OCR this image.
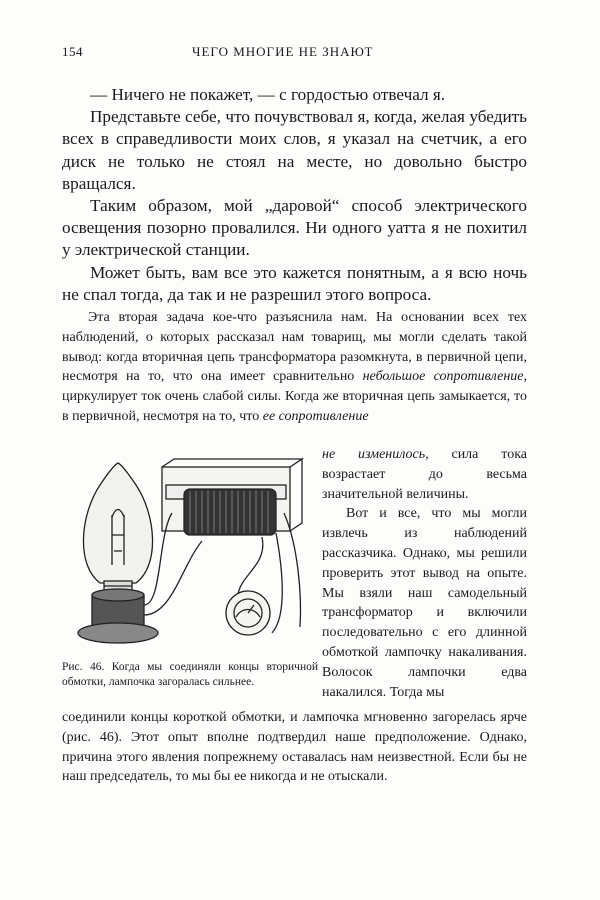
154	ЧЕГО МНОГИЕ НЕ ЗНАЮТ

— Ничего не покажет, — с гордостью отвечал я.

Представьте себе, что почувствовал я, когда, желая убедить всех в справедливости моих слов, я указал на счетчик, а его диск не только не стоял на месте, но довольно быстро вращался.

Таким образом, мой „даровой“ способ электрического освещения позорно провалился. Ни одного уатта я не похитил у электрической станции.

Может быть, вам все это кажется понятным, а я всю ночь не спал тогда, да так и не разрешил этого вопроса.

Эта вторая задача кое-что разъяснила нам. На основании всех тех наблюдений, о которых рассказал нам товарищ, мы могли сделать такой вывод: когда вторичная цепь трансформатора разомкнута, в первичной цепи, несмотря на то, что она имеет сравнительно небольшое сопротивление, циркулирует ток очень слабой силы. Когда же вторичная цепь замыкается, то в первичной, несмотря на то, что ее сопротивление

не изменилось, сила тока возрастает до весьма значительной величины.

Вот и все, что мы могли извлечь из наблюдений рассказчика. Однако, мы решили проверить этот вывод на опыте. Мы взяли наш самодельный трансформатор и включили последовательно с его длинной обмоткой лампочку накаливания. Волосок лампочки едва накалился. Тогда мы

Рис. 46. Когда мы соединяли концы вторичной обмотки, лампочка загоралась сильнее.

соединили концы короткой обмотки, и лампочка мгновенно загорелась ярче (рис. 46). Этот опыт вполне подтвердил наше предположение. Однако, причина этого явления попрежнему оставалась нам неизвестной. Если бы не наш председатель, то мы бы ее никогда и не отыскали.
